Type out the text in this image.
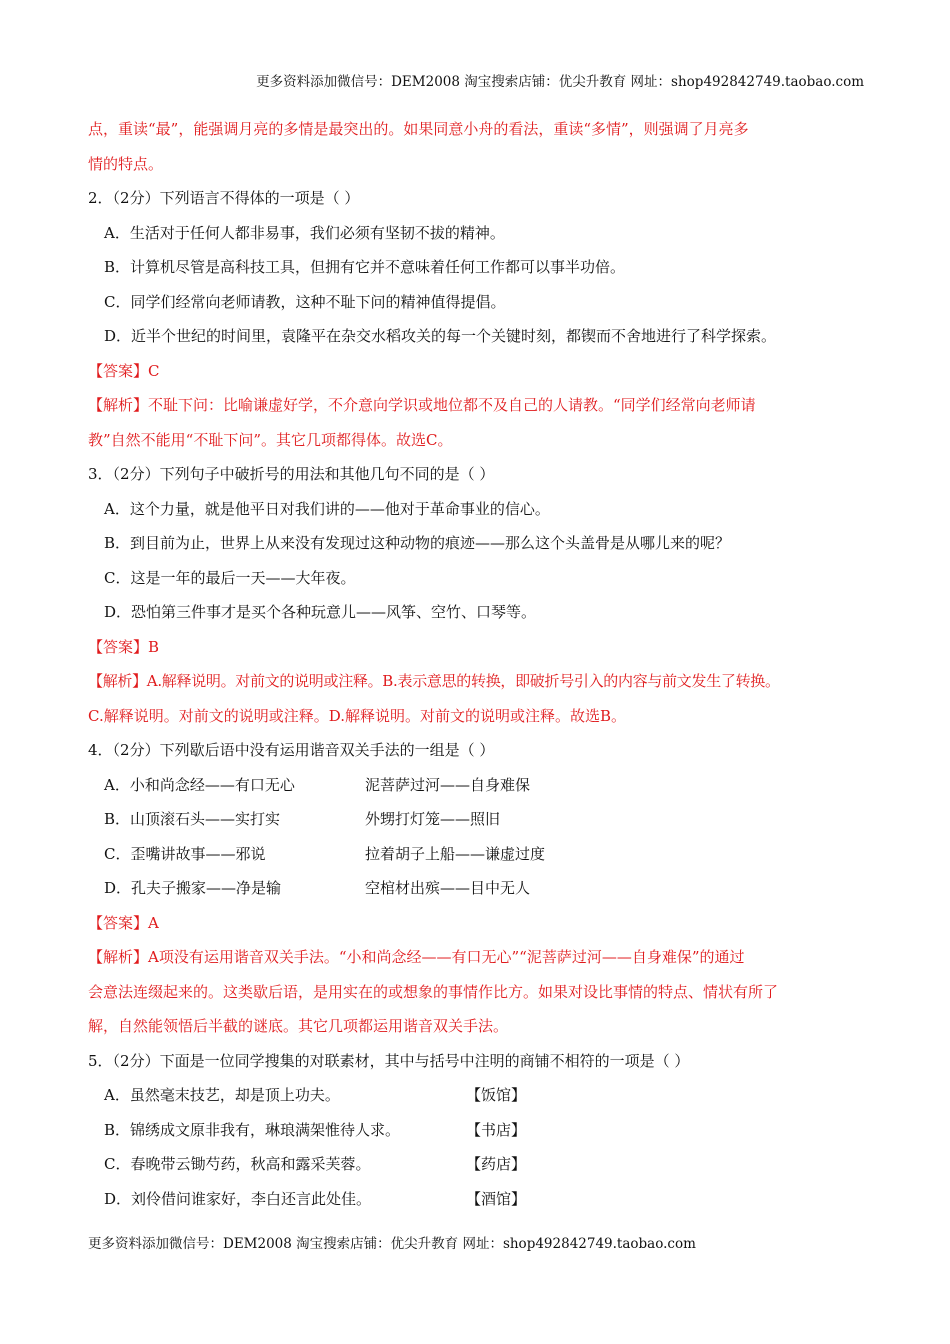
更多资料添加微信号：DEM2008 淘宝搜索店铺：优尖升教育 网址：shop492842749.taobao.com
点，重读“最”，能强调月亮的多情是最突出的。如果同意小舟的看法，重读“多情”，则强调了月亮多
情的特点。
2．（2分）下列语言不得体的一项是（ ）
A．生活对于任何人都非易事，我们必须有坚韧不拔的精神。
B．计算机尽管是高科技工具，但拥有它并不意味着任何工作都可以事半功倍。
C．同学们经常向老师请教，这种不耻下问的精神值得提倡。
D．近半个世纪的时间里，袁隆平在杂交水稻攻关的每一个关键时刻，都锲而不舍地进行了科学探索。
【答案】C
【解析】不耻下问：比喻谦虚好学，不介意向学识或地位都不及自己的人请教。“同学们经常向老师请
教”自然不能用“不耻下问”。其它几项都得体。故选C。
3．（2分）下列句子中破折号的用法和其他几句不同的是（ ）
A．这个力量，就是他平日对我们讲的——他对于革命事业的信心。
B．到目前为止，世界上从来没有发现过这种动物的痕迹——那么这个头盖骨是从哪儿来的呢？
C．这是一年的最后一天——大年夜。
D．恐怕第三件事才是买个各种玩意儿——风筝、空竹、口琴等。
【答案】B
【解析】A.解释说明。对前文的说明或注释。B.表示意思的转换，即破折号引入的内容与前文发生了转换。
C.解释说明。对前文的说明或注释。D.解释说明。对前文的说明或注释。故选B。
4．（2分）下列歇后语中没有运用谐音双关手法的一组是（ ）
A．小和尚念经——有口无心	泥菩萨过河——自身难保
B．山顶滚石头——实打实	外甥打灯笼——照旧
C．歪嘴讲故事——邪说	拉着胡子上船——谦虚过度
D．孔夫子搬家——净是输	空棺材出殡——目中无人
【答案】A
【解析】A项没有运用谐音双关手法。“小和尚念经——有口无心”“泥菩萨过河——自身难保”的通过
会意法连缀起来的。这类歇后语，是用实在的或想象的事情作比方。如果对设比事情的特点、情状有所了
解，自然能领悟后半截的谜底。其它几项都运用谐音双关手法。
5．（2分）下面是一位同学搜集的对联素材，其中与括号中注明的商铺不相符的一项是（ ）
A．虽然毫末技艺，却是顶上功夫。	【饭馆】
B．锦绣成文原非我有，琳琅满架惟待人求。	【书店】
C．春晚带云锄芍药，秋高和露采芙蓉。	【药店】
D．刘伶借问谁家好，李白还言此处佳。	【酒馆】
更多资料添加微信号：DEM2008 淘宝搜索店铺：优尖升教育 网址：shop492842749.taobao.com
